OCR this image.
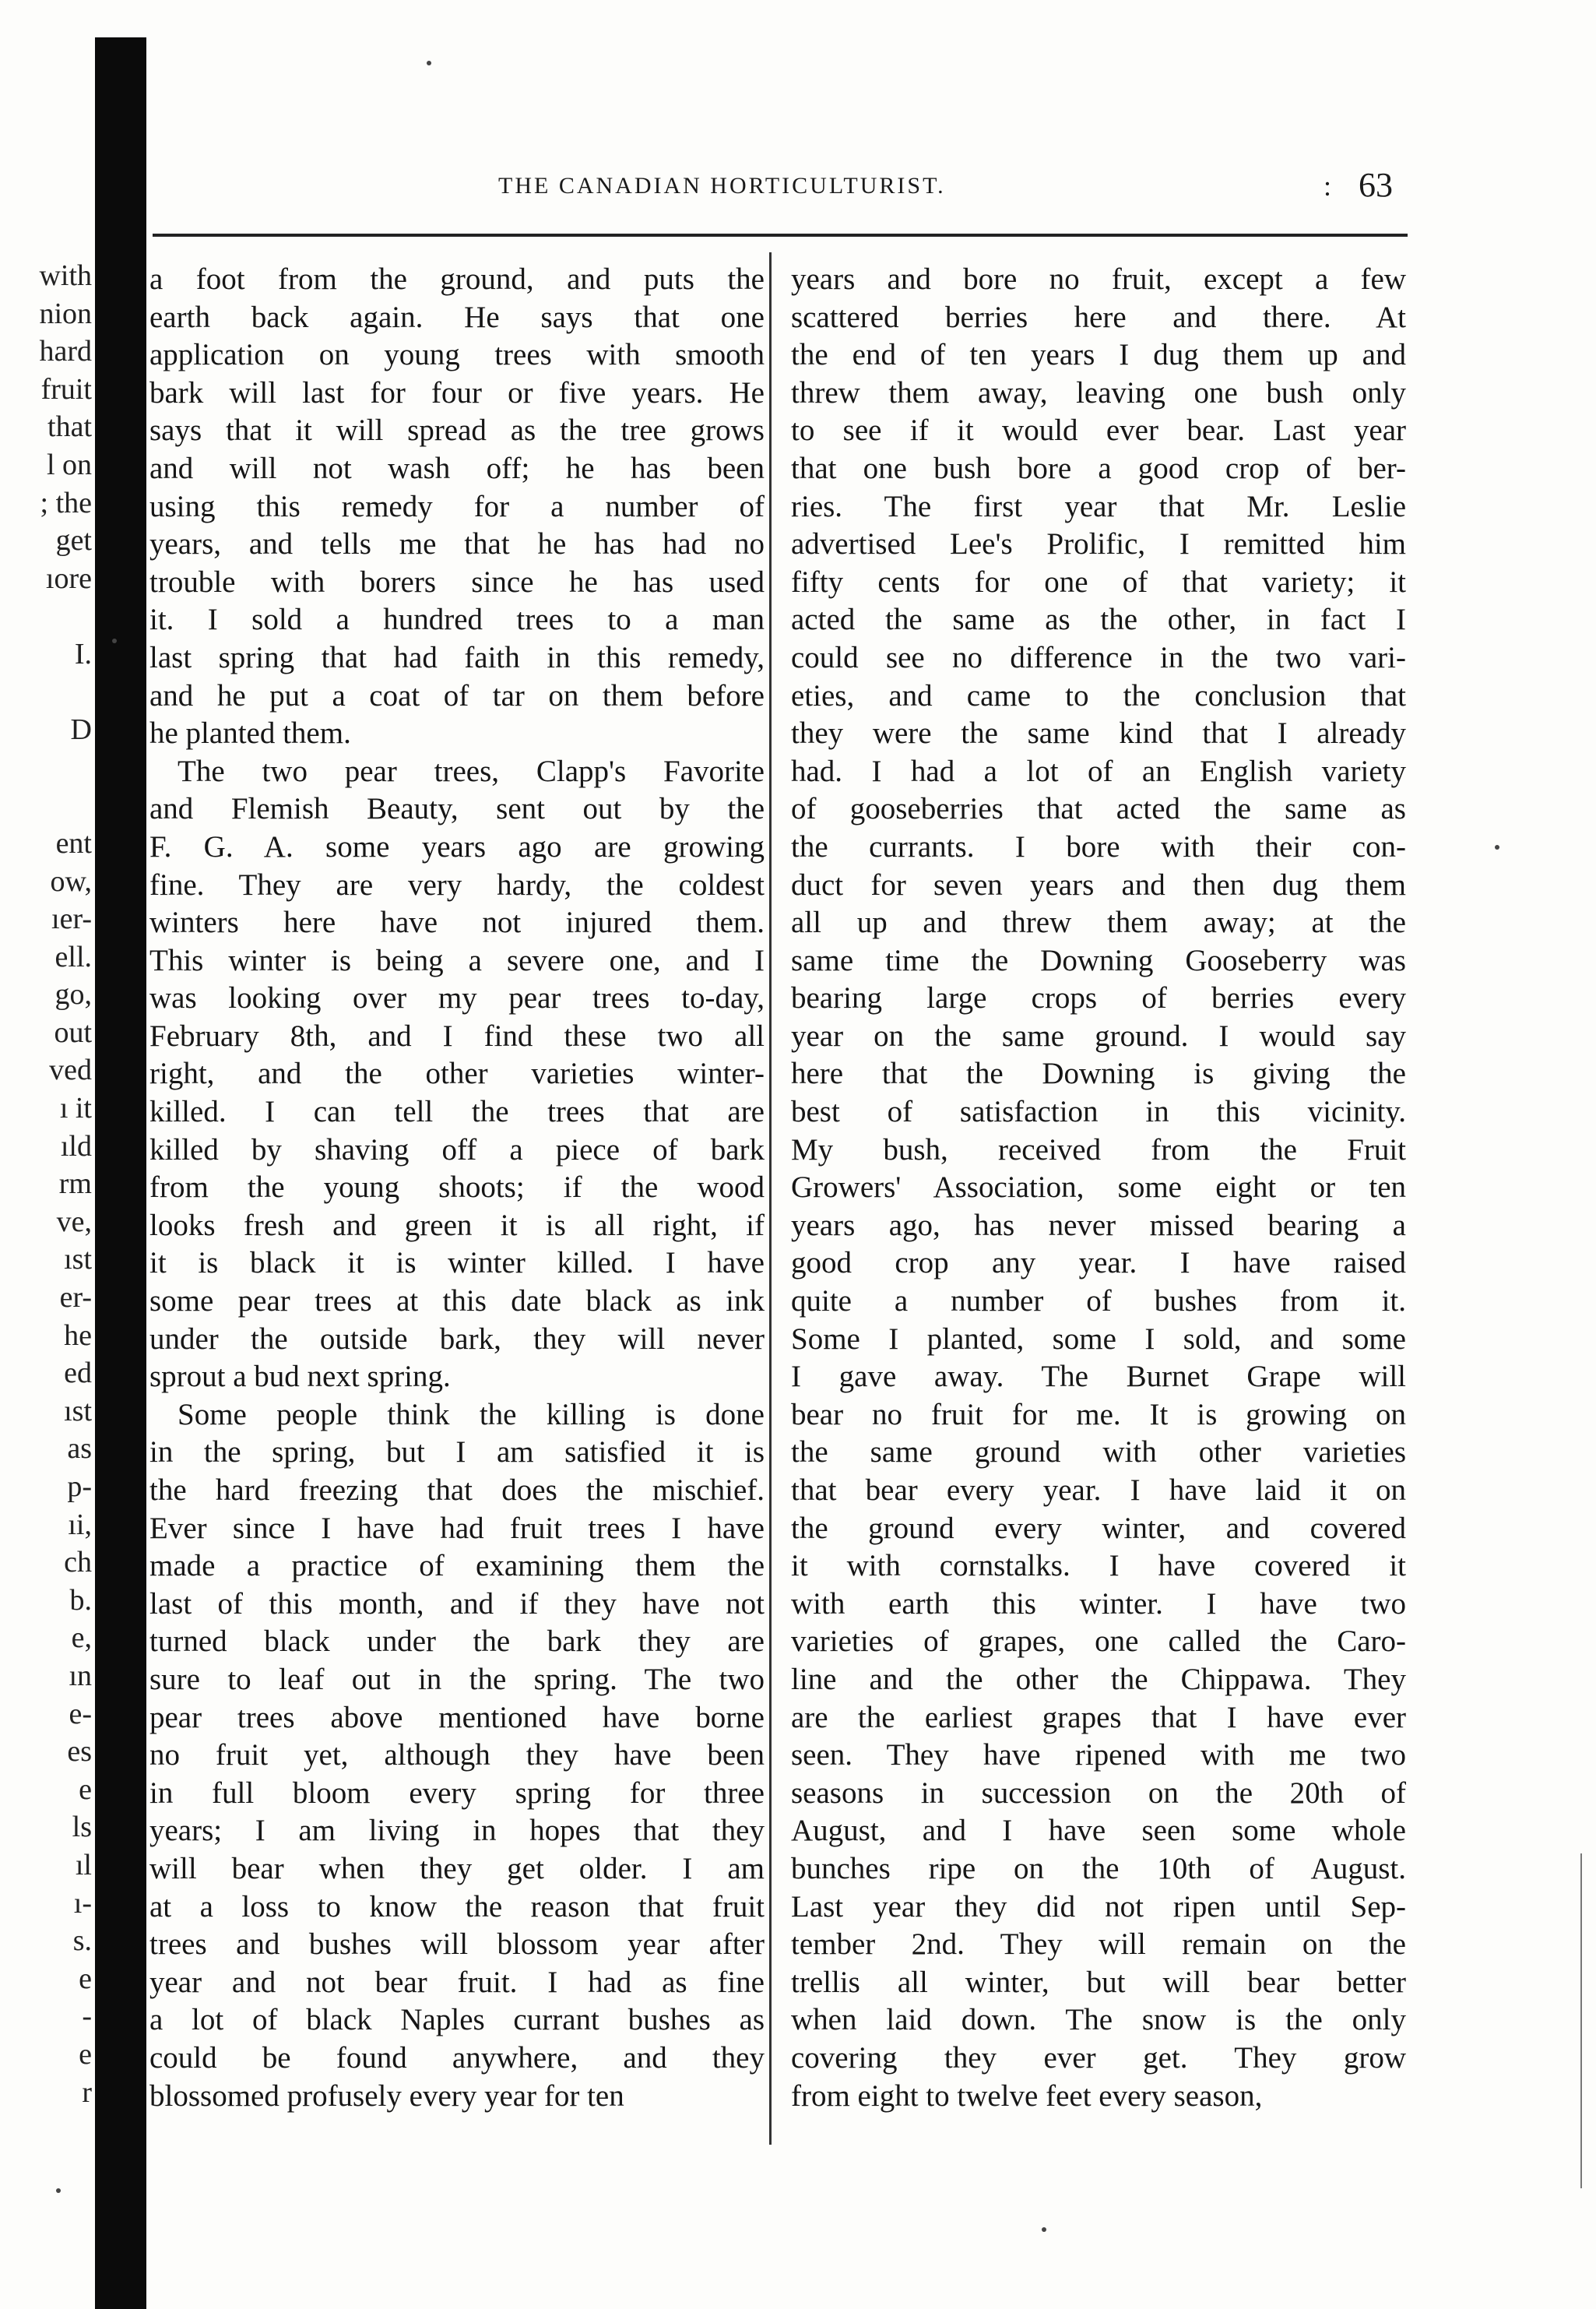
with
nion
hard
fruit
that
l on
; the
get
ıore
I.
D
ent
ow,
ıer-
ell.
go,
out
ved
ı it
ıld
rm
ve,
ıst
er-
he
ed
ıst
as
p-
ıi,
ch
b.
e,
ın
e-
es
e
ls
ıl
ı-
s.
e
-
e
r
THE CANADIAN HORTICULTURIST.	: 63
a foot from the ground, and puts the
earth back again. He says that one
application on young trees with smooth
bark will last for four or five years. He
says that it will spread as the tree grows
and will not wash off; he has been
using this remedy for a number of
years, and tells me that he has had no
trouble with borers since he has used
it. I sold a hundred trees to a man
last spring that had faith in this remedy,
and he put a coat of tar on them before
he planted them.
The two pear trees, Clapp's Favorite
and Flemish Beauty, sent out by the
F. G. A. some years ago are growing
fine. They are very hardy, the coldest
winters here have not injured them.
This winter is being a severe one, and I
was looking over my pear trees to-day,
February 8th, and I find these two all
right, and the other varieties winter-
killed. I can tell the trees that are
killed by shaving off a piece of bark
from the young shoots; if the wood
looks fresh and green it is all right, if
it is black it is winter killed. I have
some pear trees at this date black as ink
under the outside bark, they will never
sprout a bud next spring.
Some people think the killing is done
in the spring, but I am satisfied it is
the hard freezing that does the mischief.
Ever since I have had fruit trees I have
made a practice of examining them the
last of this month, and if they have not
turned black under the bark they are
sure to leaf out in the spring. The two
pear trees above mentioned have borne
no fruit yet, although they have been
in full bloom every spring for three
years; I am living in hopes that they
will bear when they get older. I am
at a loss to know the reason that fruit
trees and bushes will blossom year after
year and not bear fruit. I had as fine
a lot of black Naples currant bushes as
could be found anywhere, and they
blossomed profusely every year for ten
years and bore no fruit, except a few
scattered berries here and there. At
the end of ten years I dug them up and
threw them away, leaving one bush only
to see if it would ever bear. Last year
that one bush bore a good crop of ber-
ries. The first year that Mr. Leslie
advertised Lee's Prolific, I remitted him
fifty cents for one of that variety; it
acted the same as the other, in fact I
could see no difference in the two vari-
eties, and came to the conclusion that
they were the same kind that I already
had. I had a lot of an English variety
of gooseberries that acted the same as
the currants. I bore with their con-
duct for seven years and then dug them
all up and threw them away; at the
same time the Downing Gooseberry was
bearing large crops of berries every
year on the same ground. I would say
here that the Downing is giving the
best of satisfaction in this vicinity.
My bush, received from the Fruit
Growers' Association, some eight or ten
years ago, has never missed bearing a
good crop any year. I have raised
quite a number of bushes from it.
Some I planted, some I sold, and some
I gave away. The Burnet Grape will
bear no fruit for me. It is growing on
the same ground with other varieties
that bear every year. I have laid it on
the ground every winter, and covered
it with cornstalks. I have covered it
with earth this winter. I have two
varieties of grapes, one called the Caro-
line and the other the Chippawa. They
are the earliest grapes that I have ever
seen. They have ripened with me two
seasons in succession on the 20th of
August, and I have seen some whole
bunches ripe on the 10th of August.
Last year they did not ripen until Sep-
tember 2nd. They will remain on the
trellis all winter, but will bear better
when laid down. The snow is the only
covering they ever get. They grow
from eight to twelve feet every season,
